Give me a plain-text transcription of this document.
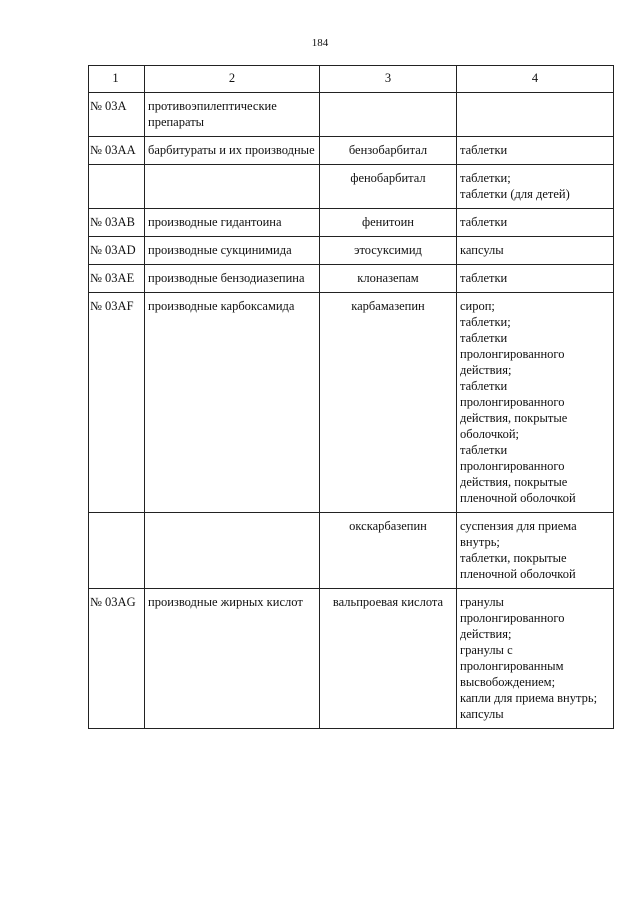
184
1	2	3	4
№ 03A	противоэпилептические препараты		
№ 03AA	барбитураты и их производные	бензобарбитал	таблетки

		фенобарбитал	таблетки;
таблетки (для детей)

№ 03AB	производные гидантоина	фенитоин	таблетки

№ 03AD	производные сукцинимида	этосуксимид	капсулы

№ 03AE	производные бензодиазепина	клоназепам	таблетки

№ 03AF	производные карбоксамида	карбамазепин	сироп;
таблетки;
таблетки пролонгированного действия;
таблетки пролонгированного действия, покрытые оболочкой;
таблетки пролонгированного действия, покрытые пленочной оболочкой

		окскарбазепин	суспензия для приема внутрь;
таблетки, покрытые пленочной оболочкой

№ 03AG	производные жирных кислот	вальпроевая кислота	гранулы пролонгированного действия;
гранулы с пролонгированным высвобождением;
капли для приема внутрь;
капсулы
